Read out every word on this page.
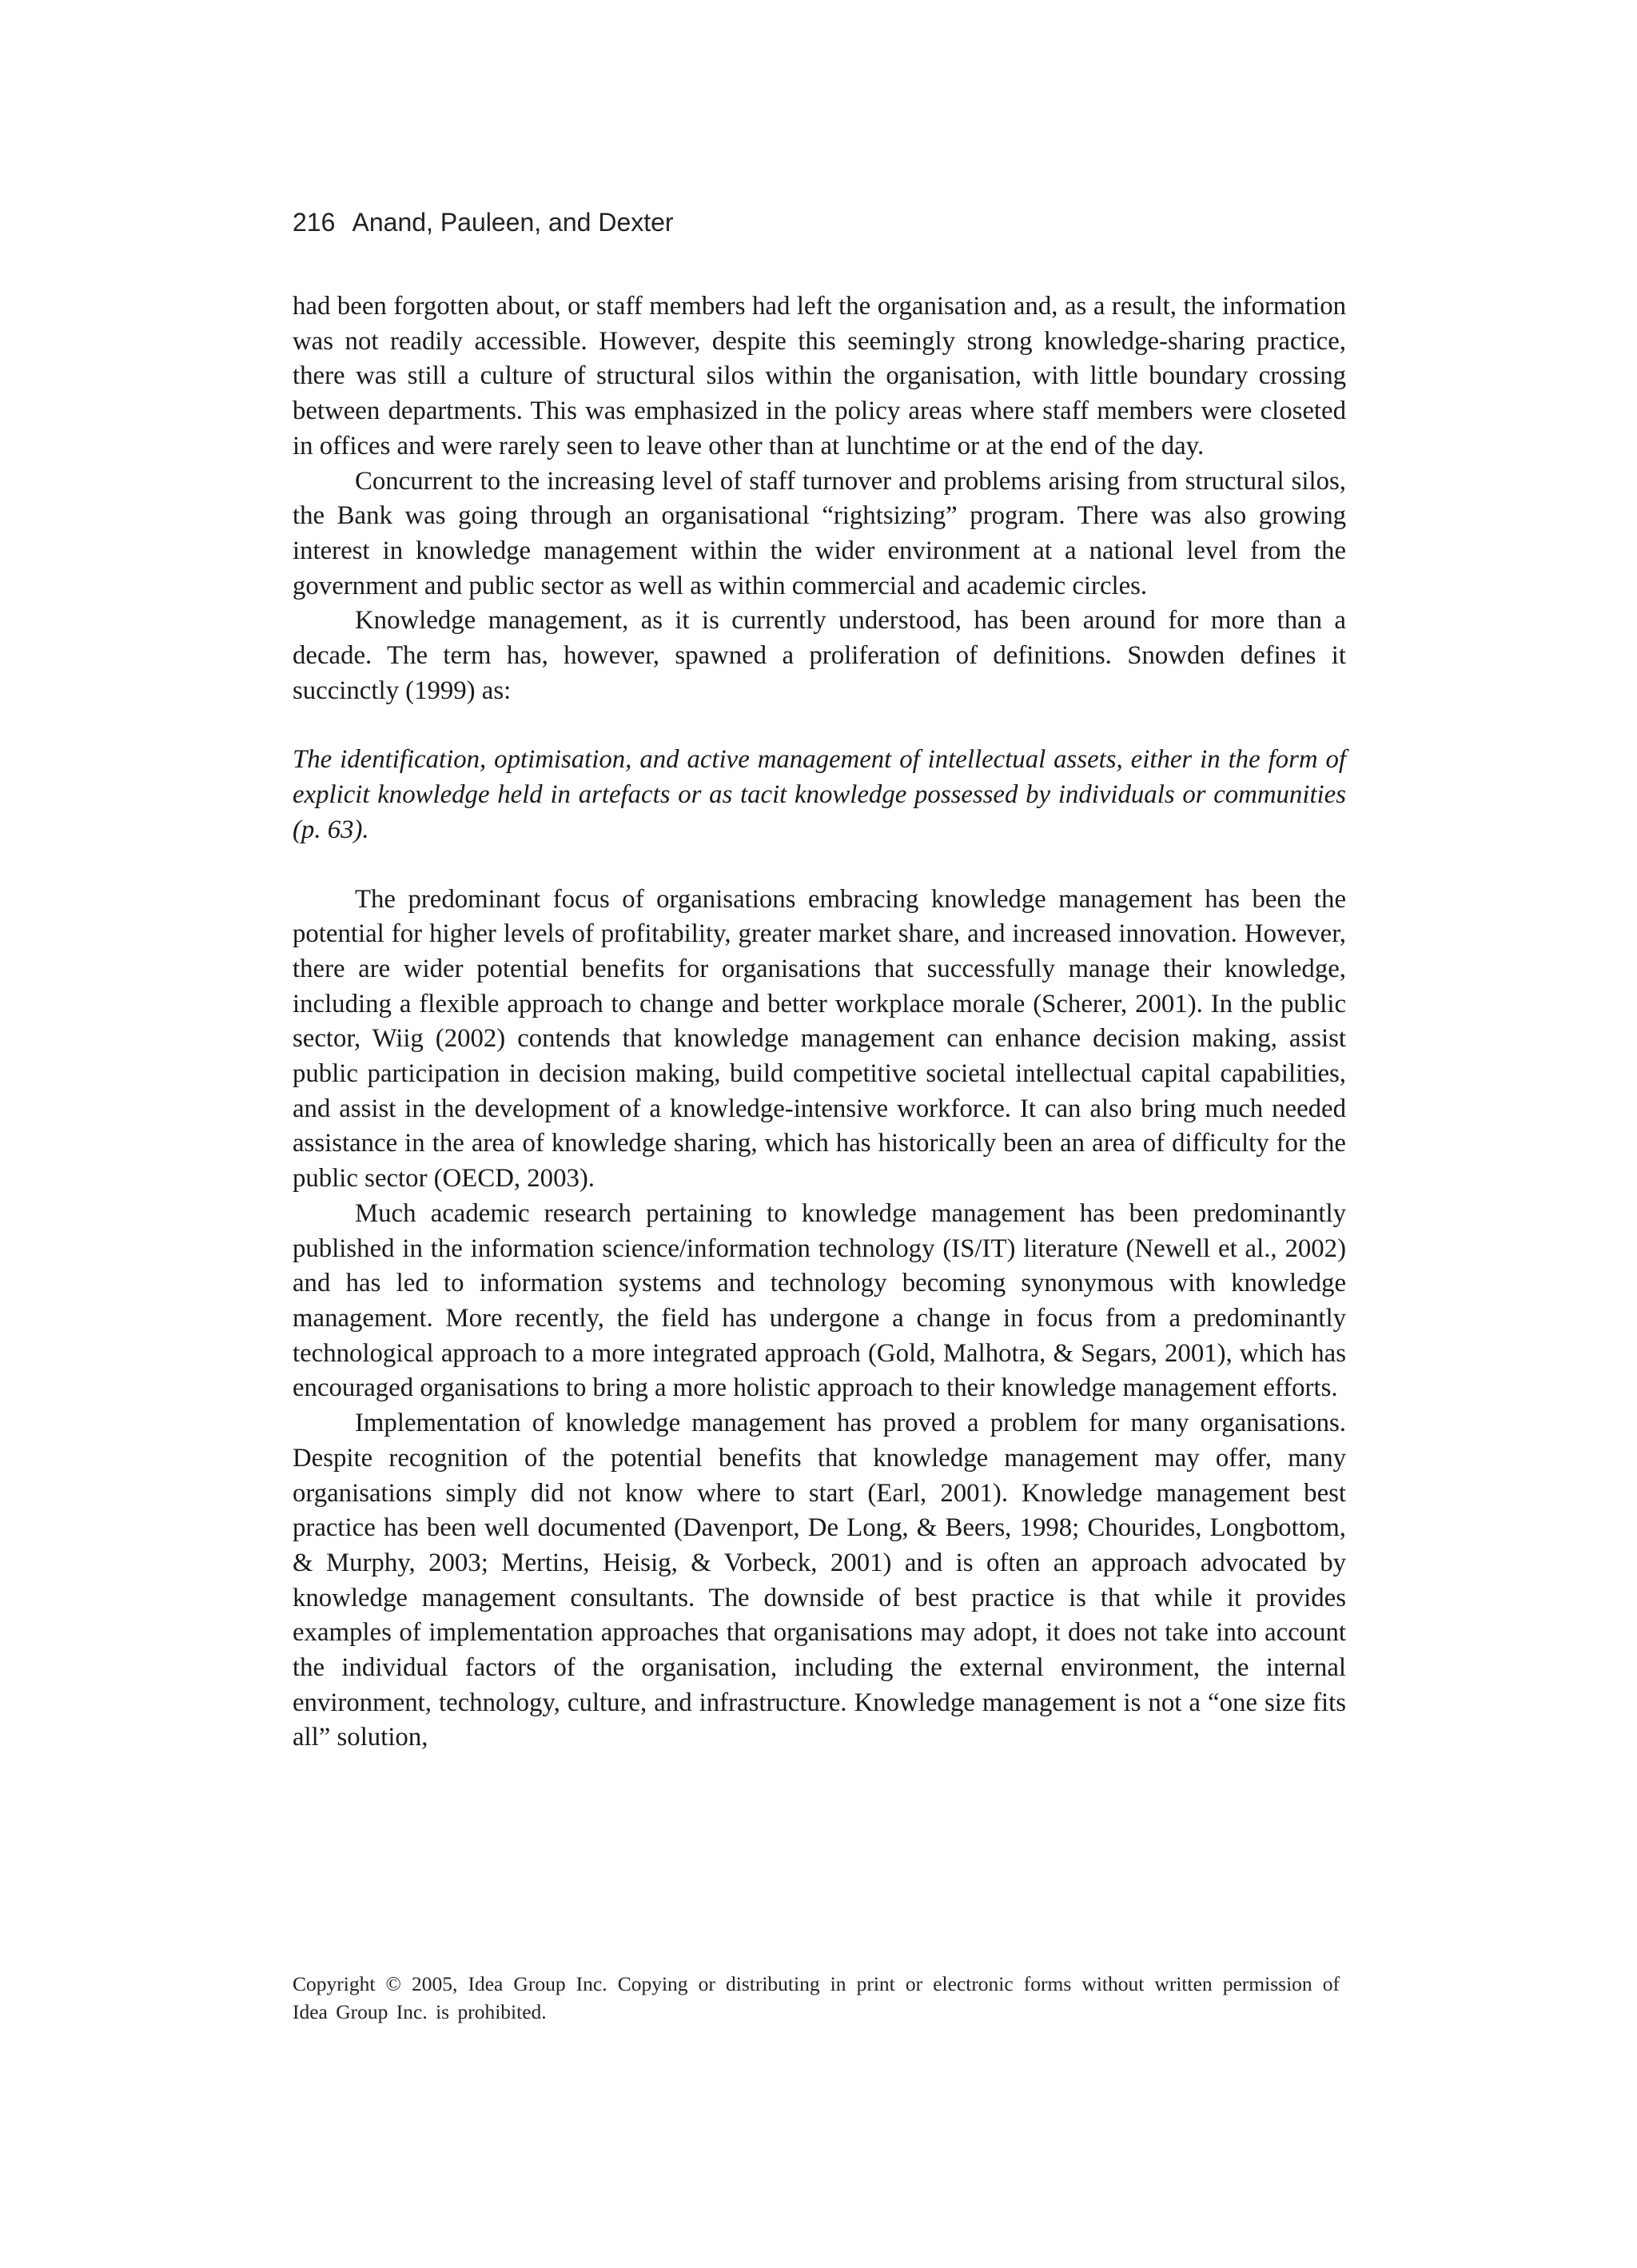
216 Anand, Pauleen, and Dexter

had been forgotten about, or staff members had left the organisation and, as a result, the information was not readily accessible. However, despite this seemingly strong knowledge-sharing practice, there was still a culture of structural silos within the organisation, with little boundary crossing between departments. This was emphasized in the policy areas where staff members were closeted in offices and were rarely seen to leave other than at lunchtime or at the end of the day.

Concurrent to the increasing level of staff turnover and problems arising from structural silos, the Bank was going through an organisational “rightsizing” program. There was also growing interest in knowledge management within the wider environment at a national level from the government and public sector as well as within commercial and academic circles.

Knowledge management, as it is currently understood, has been around for more than a decade. The term has, however, spawned a proliferation of definitions. Snowden defines it succinctly (1999) as:

The identification, optimisation, and active management of intellectual assets, either in the form of explicit knowledge held in artefacts or as tacit knowledge possessed by individuals or communities (p. 63).

The predominant focus of organisations embracing knowledge management has been the potential for higher levels of profitability, greater market share, and increased innovation. However, there are wider potential benefits for organisations that successfully manage their knowledge, including a flexible approach to change and better workplace morale (Scherer, 2001). In the public sector, Wiig (2002) contends that knowledge management can enhance decision making, assist public participation in decision making, build competitive societal intellectual capital capabilities, and assist in the development of a knowledge-intensive workforce. It can also bring much needed assistance in the area of knowledge sharing, which has historically been an area of difficulty for the public sector (OECD, 2003).

Much academic research pertaining to knowledge management has been predominantly published in the information science/information technology (IS/IT) literature (Newell et al., 2002) and has led to information systems and technology becoming synonymous with knowledge management. More recently, the field has undergone a change in focus from a predominantly technological approach to a more integrated approach (Gold, Malhotra, & Segars, 2001), which has encouraged organisations to bring a more holistic approach to their knowledge management efforts.

Implementation of knowledge management has proved a problem for many organisations. Despite recognition of the potential benefits that knowledge management may offer, many organisations simply did not know where to start (Earl, 2001). Knowledge management best practice has been well documented (Davenport, De Long, & Beers, 1998; Chourides, Longbottom, & Murphy, 2003; Mertins, Heisig, & Vorbeck, 2001) and is often an approach advocated by knowledge management consultants. The downside of best practice is that while it provides examples of implementation approaches that organisations may adopt, it does not take into account the individual factors of the organisation, including the external environment, the internal environment, technology, culture, and infrastructure. Knowledge management is not a “one size fits all” solution,

Copyright © 2005, Idea Group Inc. Copying or distributing in print or electronic forms without written permission of Idea Group Inc. is prohibited.
